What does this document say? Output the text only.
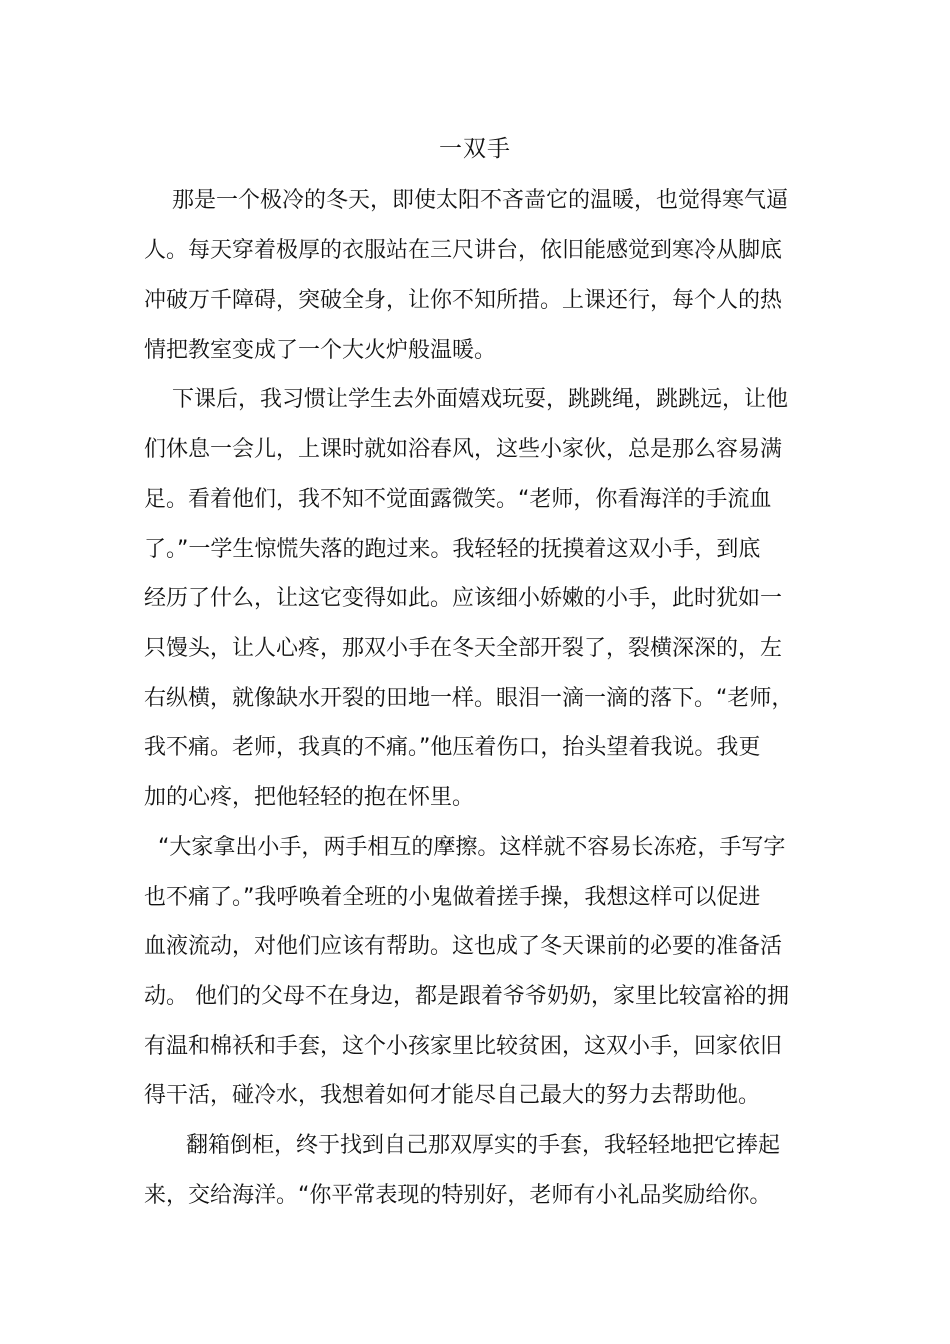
一双手
那是一个极冷的冬天，即使太阳不吝啬它的温暖，也觉得寒气逼
人。每天穿着极厚的衣服站在三尺讲台，依旧能感觉到寒冷从脚底
冲破万千障碍，突破全身，让你不知所措。上课还行，每个人的热
情把教室变成了一个大火炉般温暖。
下课后，我习惯让学生去外面嬉戏玩耍，跳跳绳，跳跳远，让他
们休息一会儿，上课时就如浴春风，这些小家伙，总是那么容易满
足。看着他们，我不知不觉面露微笑。“老师，你看海洋的手流血
了。”一学生惊慌失落的跑过来。我轻轻的抚摸着这双小手，到底
经历了什么，让这它变得如此。应该细小娇嫩的小手，此时犹如一
只馒头，让人心疼，那双小手在冬天全部开裂了，裂横深深的，左
右纵横，就像缺水开裂的田地一样。眼泪一滴一滴的落下。“老师，
我不痛。老师，我真的不痛。”他压着伤口，抬头望着我说。我更
加的心疼，把他轻轻的抱在怀里。
“大家拿出小手，两手相互的摩擦。这样就不容易长冻疮，手写字
也不痛了。”我呼唤着全班的小鬼做着搓手操，我想这样可以促进
血液流动，对他们应该有帮助。这也成了冬天课前的必要的准备活
动。 他们的父母不在身边，都是跟着爷爷奶奶，家里比较富裕的拥
有温和棉袄和手套，这个小孩家里比较贫困，这双小手，回家依旧
得干活，碰冷水，我想着如何才能尽自己最大的努力去帮助他。
翻箱倒柜，终于找到自己那双厚实的手套，我轻轻地把它捧起
来，交给海洋。“你平常表现的特别好，老师有小礼品奖励给你。
